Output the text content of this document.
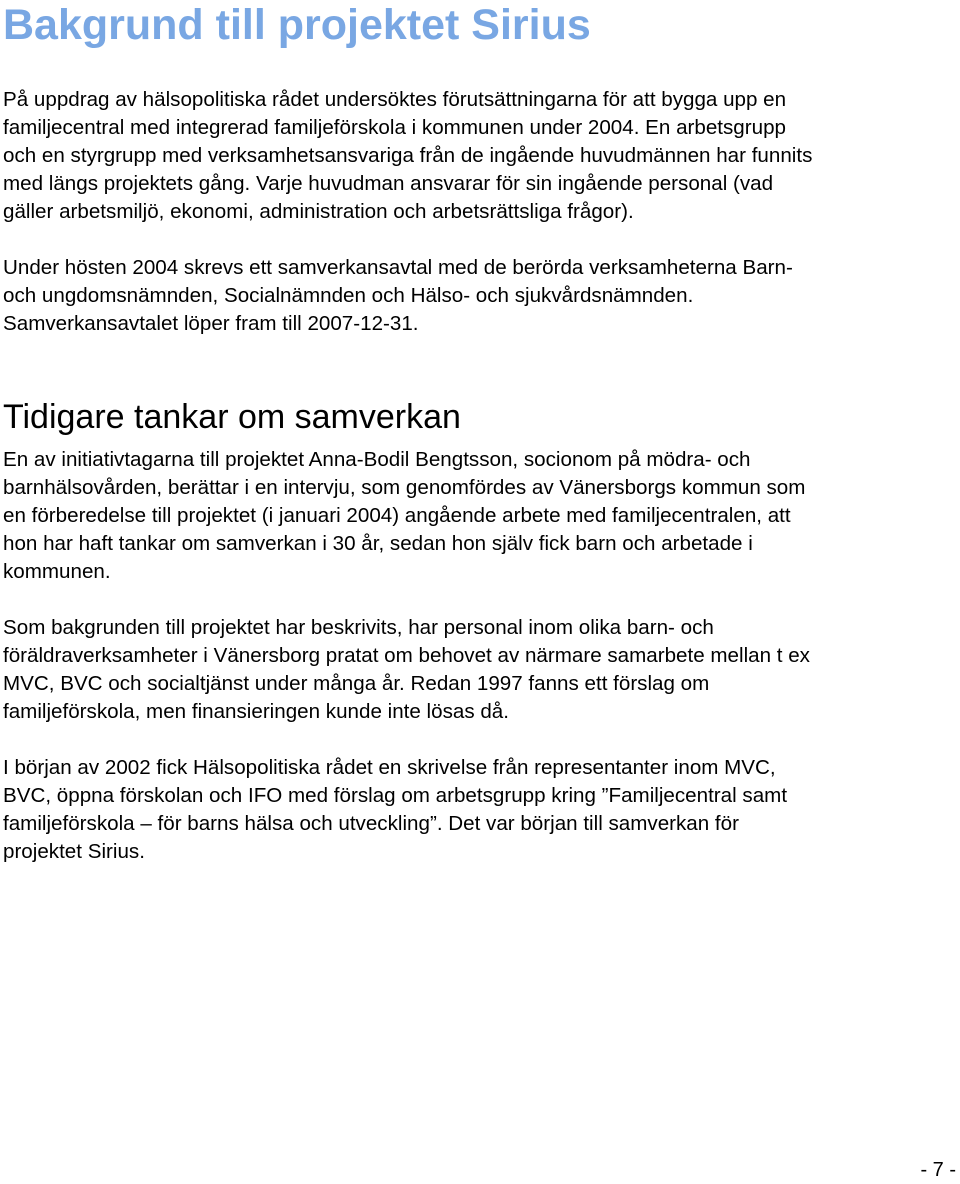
Bakgrund till projektet Sirius

På uppdrag av hälsopolitiska rådet undersöktes förutsättningarna för att bygga upp en
familjecentral med integrerad familjeförskola i kommunen under 2004. En arbetsgrupp
och en styrgrupp med verksamhetsansvariga från de ingående huvudmännen har funnits
med längs projektets gång. Varje huvudman ansvarar för sin ingående personal (vad
gäller arbetsmiljö, ekonomi, administration och arbetsrättsliga frågor).

Under hösten 2004 skrevs ett samverkansavtal med de berörda verksamheterna Barn-
och ungdomsnämnden, Socialnämnden och Hälso- och sjukvårdsnämnden.
Samverkansavtalet löper fram till 2007-12-31.

Tidigare tankar om samverkan

En av initiativtagarna till projektet Anna-Bodil Bengtsson, socionom på mödra- och
barnhälsovården, berättar i en intervju, som genomfördes av Vänersborgs kommun som
en förberedelse till projektet (i januari 2004) angående arbete med familjecentralen, att
hon har haft tankar om samverkan i 30 år, sedan hon själv fick barn och arbetade i
kommunen.

Som bakgrunden till projektet har beskrivits, har personal inom olika barn- och
föräldraverksamheter i Vänersborg pratat om behovet av närmare samarbete mellan t ex
MVC, BVC och socialtjänst under många år. Redan 1997 fanns ett förslag om
familjeförskola, men finansieringen kunde inte lösas då.

I början av 2002 fick Hälsopolitiska rådet en skrivelse från representanter inom MVC,
BVC, öppna förskolan och IFO med förslag om arbetsgrupp kring ”Familjecentral samt
familjeförskola – för barns hälsa och utveckling”. Det var början till samverkan för
projektet Sirius.

- 7 -
